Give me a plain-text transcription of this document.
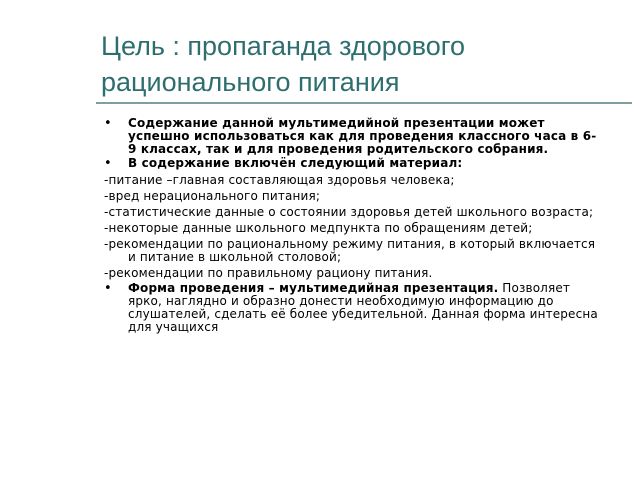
Цель : пропаганда здорового рационального питания
• Содержание данной мультимедийной презентации может успешно использоваться как для проведения классного часа в 6-9 классах, так и для проведения родительского собрания.
• В содержание включён следующий материал:
-питание –главная составляющая здоровья человека;
-вред нерационального питания;
-статистические данные о состоянии здоровья детей школьного возраста;
-некоторые данные школьного медпункта по обращениям детей;
-рекомендации по рациональному режиму питания, в который включается и питание в школьной столовой;
-рекомендации по правильному рациону питания.
• Форма проведения – мультимедийная презентация. Позволяет ярко, наглядно и образно донести необходимую информацию до слушателей, сделать её более убедительной. Данная форма интересна для учащихся
